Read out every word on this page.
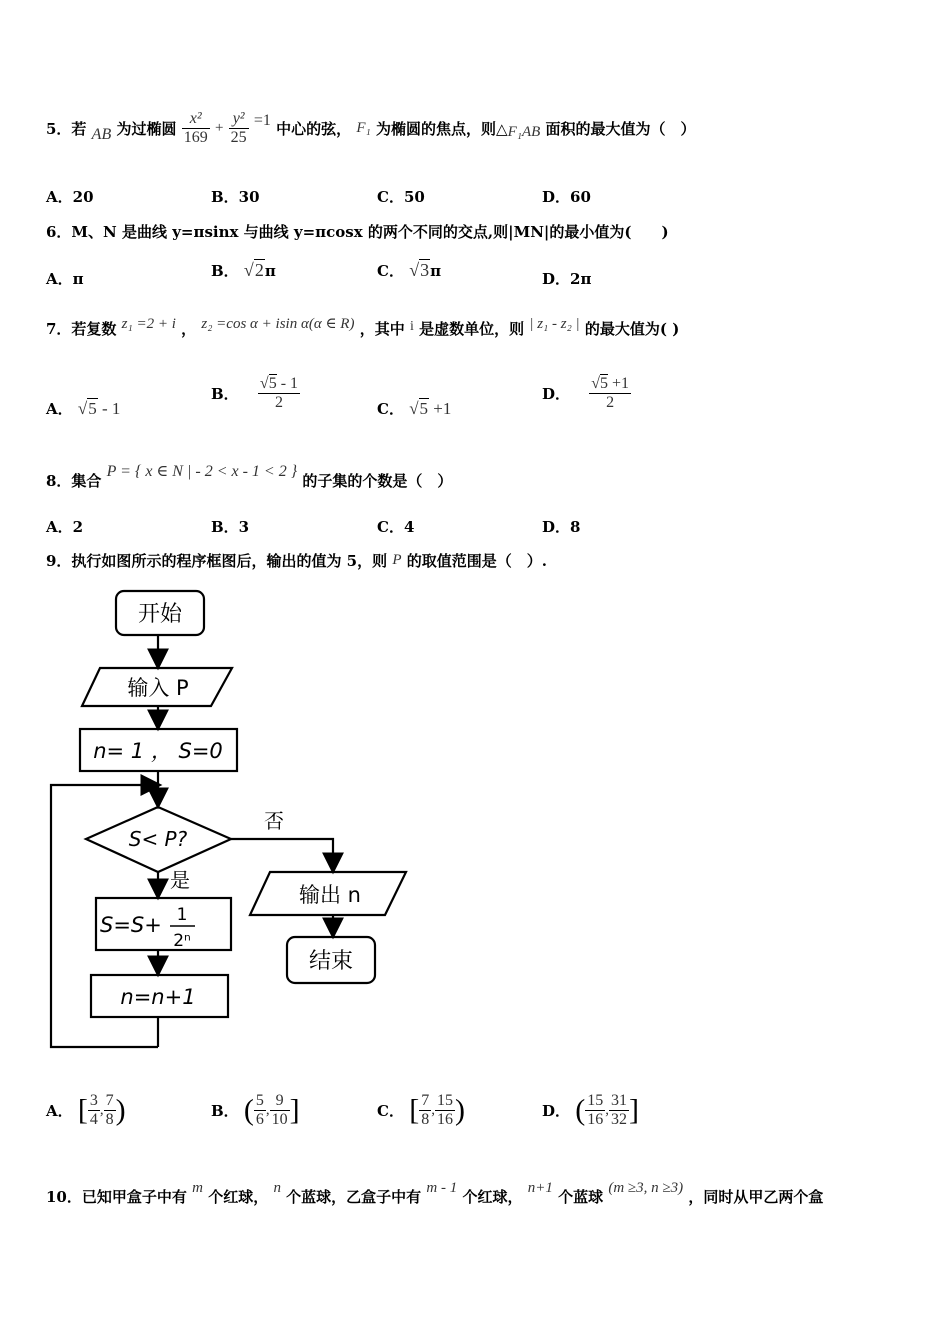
5．若 AB 为过椭圆 $\frac{\text{x²}}{169} + \frac{\text{y²}}{25} =1$ 中心的弦， F₁ 为椭圆的焦点，则△F₁AB 面积的最大值为（　）
A．20	B．30	C．50	D．60
6．M、N 是曲线 y=πsinx 与曲线 y=πcosx 的两个不同的交点,则|MN|的最小值为(　　)
A．π	B． √2π	C． √3π	D．2π
7．若复数 z₁ =2 + i ， z₂ =cos α + isin α(α ∈ R) ，其中 i 是虚数单位，则 | z₁ - z₂ | 的最大值为( )
A． √5 - 1
B． $\frac{√5 - 1}{2}$	C． √5 +1
D． $\frac{√5 +1}{2}$
8．集合 P = { x ∈ N | - 2 < x - 1 < 2 } 的子集的个数是（　）
A．2	B．3	C．4	D．8
9．执行如图所示的程序框图后，输出的值为 5，则 P 的取值范围是（　）.
开始
输入 P
n= 1 ， S=0
S< P?
否
是
S=S+ 1
2ⁿ
n=n+1
输出 n
结束
A． [ $\frac{3}{4}$ , $\frac{7}{8}$ )	B． ( $\frac{5}{6}$ , $\frac{9}{10}$ ]	C． [ $\frac{7}{8}$ , $\frac{15}{16}$ )	D． ( $\frac{15}{16}$ , $\frac{31}{32}$ ]
10．已知甲盒子中有 m 个红球， n 个蓝球，乙盒子中有 m - 1 个红球， n+1 个蓝球 (m ≥3, n ≥3) ，同时从甲乙两个盒
